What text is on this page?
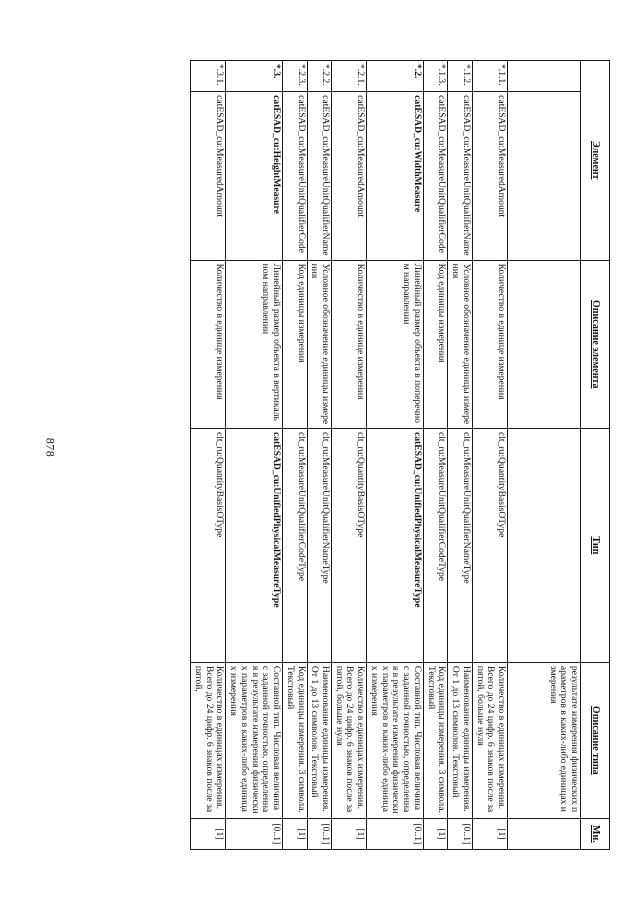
878
Элемент		Описание элемента	Тип	Описание типа	Мн.
				результате измерения физических параметров в каких-либо единицах измерения	
*.1.1.	catESAD_cu:MeasuredAmount	Количество в единице измерения	clt_ru:QuantityBasisOType	Количество в единицах измерения. Всего до 24 цифр. 6 знаков после запятой, больше нуля	[1]
*.1.2.	catESAD_cu:MeasureUnitQualifierName	Условное обозначение единицы измерения	clt_ru:MeasureUnitQualifierNameType	Наименование единицы измерения. От 1 до 13 символов. Текстовый	[0..1]
*.1.3.	catESAD_cu:MeasureUnitQualifierCode	Код единицы измерения	clt_ru:MeasureUnitQualifierCodeType	Код единицы измерения. 3 символа. Текстовый	[1]
*.2.	catESAD_cu:WidthMeasure	Линейный размер объекта в поперечном направлении	catESAD_cu:UnifiedPhysicalMeasureType	Составной тип. Числовая величина с заданной точностью, определенная в результате измерения физических параметров в каких-либо единицах измерения	[0..1]
*.2.1.	catESAD_cu:MeasuredAmount	Количество в единице измерения	clt_ru:QuantityBasisOType	Количество в единицах измерения. Всего до 24 цифр. 6 знаков после запятой, больше нуля	[1]
*.2.2.	catESAD_cu:MeasureUnitQualifierName	Условное обозначение единицы измерения	clt_ru:MeasureUnitQualifierNameType	Наименование единицы измерения. От 1 до 13 символов. Текстовый	[0..1]
*.2.3.	catESAD_cu:MeasureUnitQualifierCode	Код единицы измерения	clt_ru:MeasureUnitQualifierCodeType	Код единицы измерения. 3 символа. Текстовый	[1]
*.3.	catESAD_cu:HeightMeasure	Линейный размер объекта в вертикальном направлении	catESAD_cu:UnifiedPhysicalMeasureType	Составной тип. Числовая величина с заданной точностью, определенная в результате измерения физических параметров в каких-либо единицах измерения	[0..1]
*.3.1.	catESAD_cu:MeasuredAmount	Количество в единице измерения	clt_ru:QuantityBasisOType	Количество в единицах измерения. Всего до 24 цифр. 6 знаков после запятой,	[1]
